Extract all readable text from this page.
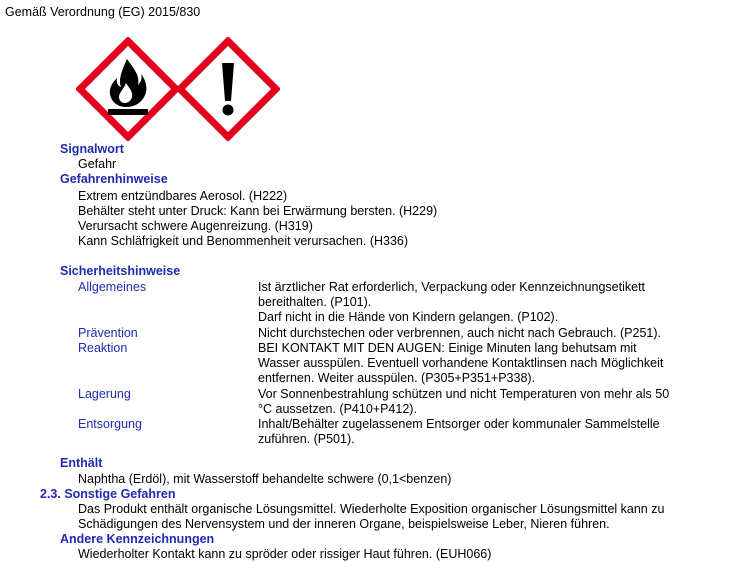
Gemäß Verordnung (EG) 2015/830
Signalwort
Gefahr
Gefahrenhinweise
Extrem entzündbares Aerosol. (H222)
Behälter steht unter Druck: Kann bei Erwärmung bersten. (H229)
Verursacht schwere Augenreizung. (H319)
Kann Schläfrigkeit und Benommenheit verursachen. (H336)
Sicherheitshinweise
Allgemeines	Ist ärztlicher Rat erforderlich, Verpackung oder Kennzeichnungsetikett
bereithalten. (P101).
Darf nicht in die Hände von Kindern gelangen. (P102).
Prävention	Nicht durchstechen oder verbrennen, auch nicht nach Gebrauch. (P251).
Reaktion	BEI KONTAKT MIT DEN AUGEN: Einige Minuten lang behutsam mit
Wasser ausspülen. Eventuell vorhandene Kontaktlinsen nach Möglichkeit
entfernen. Weiter ausspülen. (P305+P351+P338).
Lagerung	Vor Sonnenbestrahlung schützen und nicht Temperaturen von mehr als 50
°C aussetzen. (P410+P412).
Entsorgung	Inhalt/Behälter zugelassenem Entsorger oder kommunaler Sammelstelle
zuführen. (P501).
Enthält
Naphtha (Erdöl), mit Wasserstoff behandelte schwere (0,1<benzen)
2.3. Sonstige Gefahren
Das Produkt enthält organische Lösungsmittel. Wiederholte Exposition organischer Lösungsmittel kann zu
Schädigungen des Nervensystem und der inneren Organe, beispielsweise Leber, Nieren führen.
Andere Kennzeichnungen
Wiederholter Kontakt kann zu spröder oder rissiger Haut führen. (EUH066)
